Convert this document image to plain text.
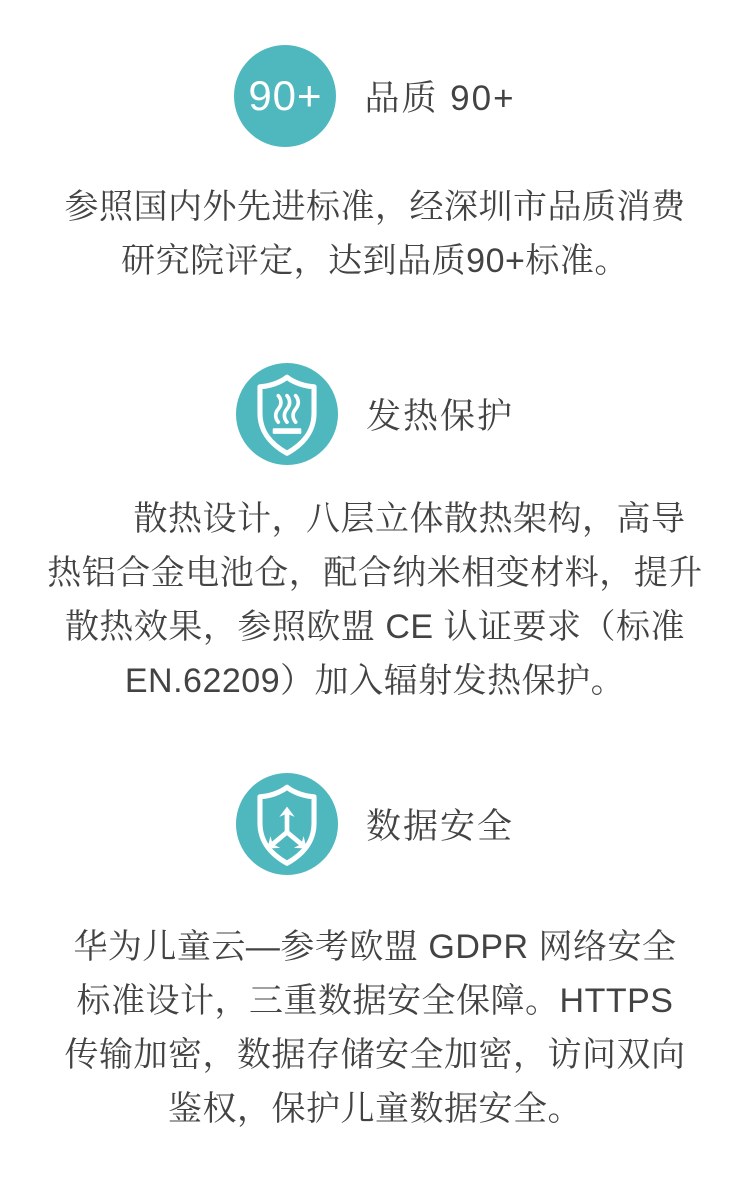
90+ 品质 90+

参照国内外先进标准，经深圳市品质消费
研究院评定，达到品质90+标准。

发热保护

　　散热设计，八层立体散热架构，高导
热铝合金电池仓，配合纳米相变材料，提升
散热效果，参照欧盟 CE 认证要求（标准
EN.62209）加入辐射发热保护。

数据安全

华为儿童云—参考欧盟 GDPR 网络安全
标准设计，三重数据安全保障。HTTPS
传输加密，数据存储安全加密，访问双向
鉴权，保护儿童数据安全。
